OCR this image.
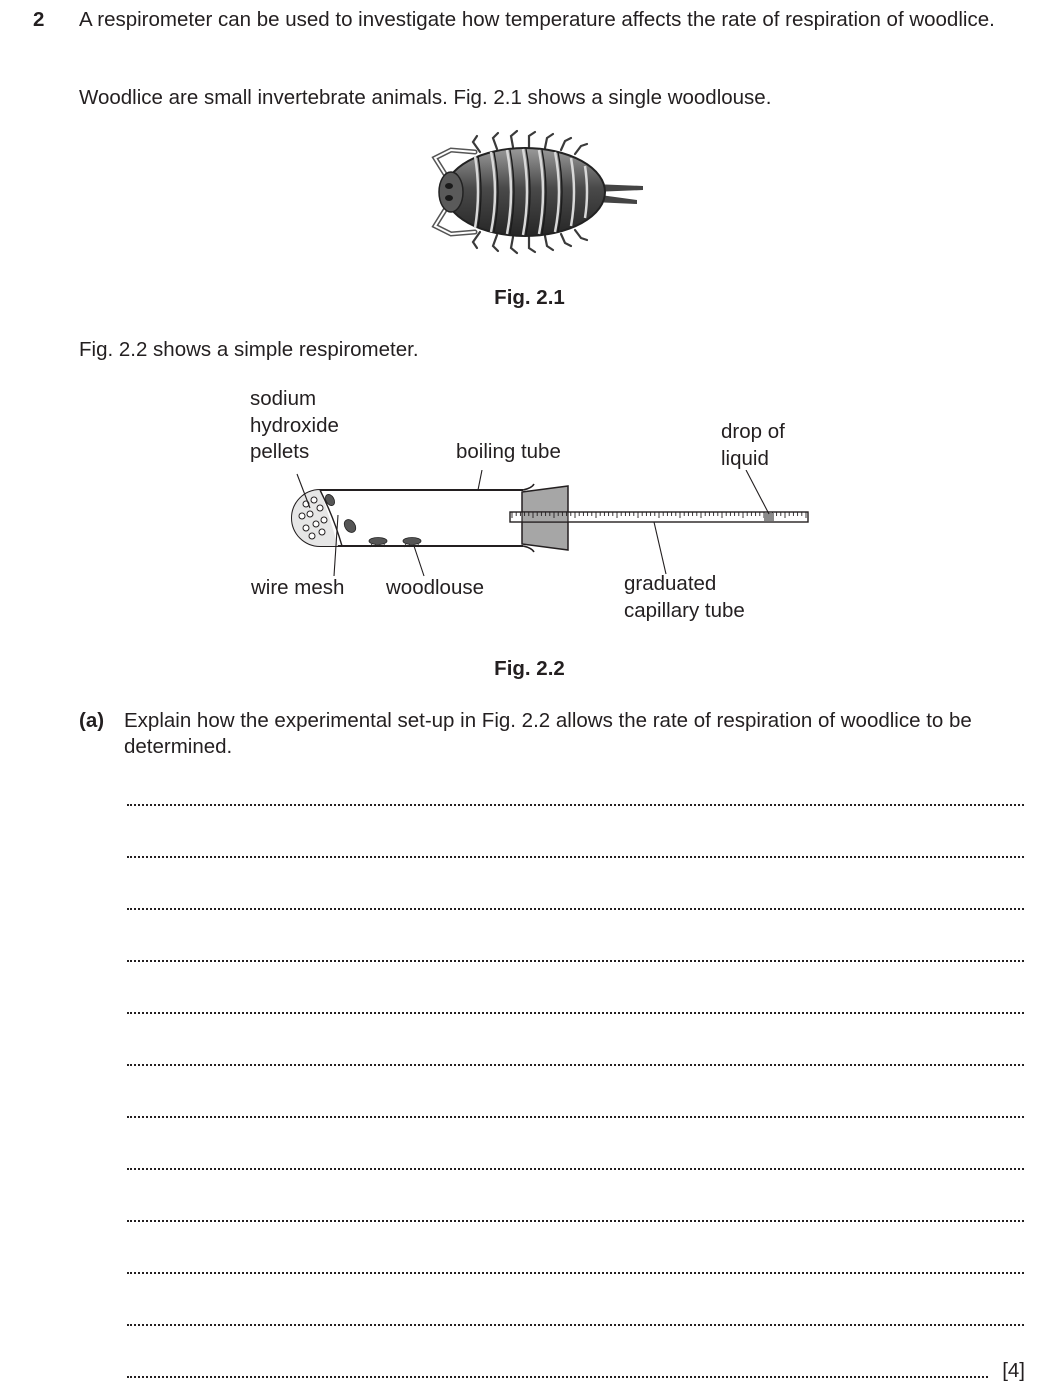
2 A respirometer can be used to investigate how temperature affects the rate of respiration of woodlice.
Woodlice are small invertebrate animals. Fig. 2.1 shows a single woodlouse.
Fig. 2.1
Fig. 2.2 shows a simple respirometer.
sodium
hydroxide
pellets	boiling tube
drop of
liquid
wire mesh woodlouse	graduated
capillary tube
Fig. 2.2
(a) Explain how the experimental set-up in Fig. 2.2 allows the rate of respiration of woodlice to be determined.
[4]
